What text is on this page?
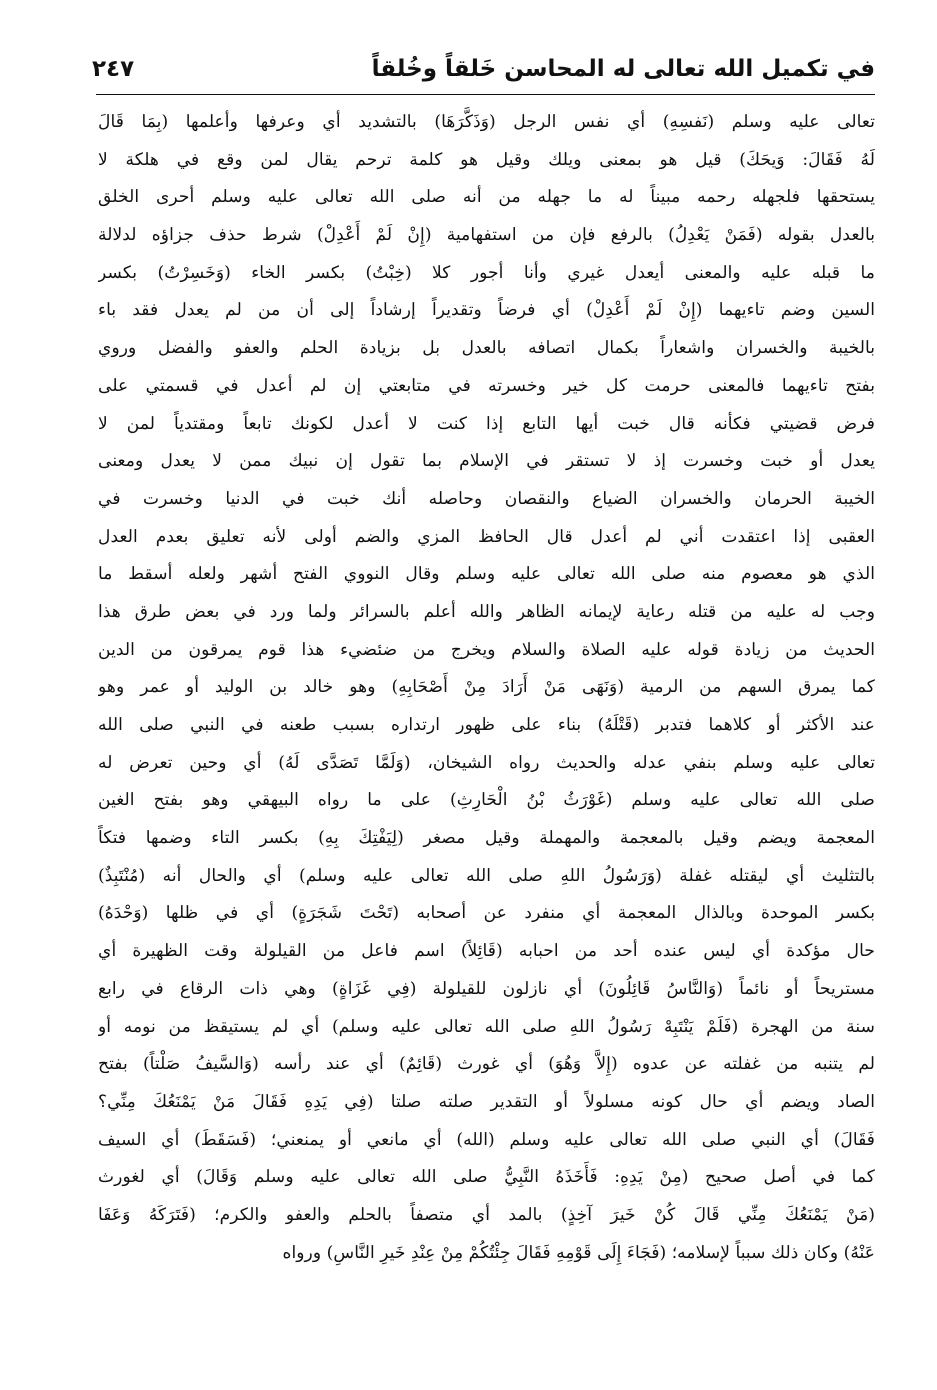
في تكميل الله تعالى له المحاسن خَلقاً وخُلقاً
٢٤٧
تعالى عليه وسلم (نَفسِهِ) أي نفس الرجل (وَذَكَّرَهَا) بالتشديد أي وعرفها وأعلمها (بِمَا قَالَ
لَهُ فَقَالَ: وَيحَكَ) قيل هو بمعنى ويلك وقيل هو كلمة ترحم يقال لمن وقع في هلكة لا
يستحقها فلجهله رحمه مبيناً له ما جهله من أنه صلى الله تعالى عليه وسلم أحرى الخلق
بالعدل بقوله (فَمَنْ يَعْدِلُ) بالرفع فإن من استفهامية (إِنْ لَمْ أَعْدِلْ) شرط حذف جزاؤه لدلالة
ما قبله عليه والمعنى أيعدل غيري وأنا أجور كلا (خِبْتُ) بكسر الخاء (وَخَسِرْتُ) بكسر
السين وضم تاءيهما (إِنْ لَمْ أَعْدِلْ) أي فرضاً وتقديراً إرشاداً إلى أن من لم يعدل فقد باء
بالخيبة والخسران واشعاراً بكمال اتصافه بالعدل بل بزيادة الحلم والعفو والفضل وروي
بفتح تاءيهما فالمعنى حرمت كل خير وخسرته في متابعتي إن لم أعدل في قسمتي على
فرض قضيتي فكأنه قال خبت أيها التابع إذا كنت لا أعدل لكونك تابعاً ومقتدياً لمن لا
يعدل أو خبت وخسرت إذ لا تستقر في الإسلام بما تقول إن نبيك ممن لا يعدل ومعنى
الخيبة الحرمان والخسران الضياع والنقصان وحاصله أنك خبت في الدنيا وخسرت في
العقبى إذا اعتقدت أني لم أعدل قال الحافظ المزي والضم أولى لأنه تعليق بعدم العدل
الذي هو معصوم منه صلى الله تعالى عليه وسلم وقال النووي الفتح أشهر ولعله أسقط ما
وجب له عليه من قتله رعاية لإيمانه الظاهر والله أعلم بالسرائر ولما ورد في بعض طرق هذا
الحديث من زيادة قوله عليه الصلاة والسلام ويخرج من ضئضيء هذا قوم يمرقون من الدين
كما يمرق السهم من الرمية (وَنَهَى مَنْ أَرَادَ مِنْ أَصْحَابِهِ) وهو خالد بن الوليد أو عمر وهو
عند الأكثر أو كلاهما فتدبر (قَتْلَهُ) بناء على ظهور ارتداره بسبب طعنه في النبي صلى الله
تعالى عليه وسلم بنفي عدله والحديث رواه الشيخان، (وَلَمَّا تَصَدَّى لَهُ) أي وحين تعرض له
صلى الله تعالى عليه وسلم (غَوْرَثُ بْنُ الْحَارِثِ) على ما رواه البيهقي وهو بفتح الغين
المعجمة ويضم وقيل بالمعجمة والمهملة وقيل مصغر (لِيَفْتِكَ بِهِ) بكسر التاء وضمها فتكاً
بالتثليث أي ليقتله غفلة (وَرَسُولُ اللهِ صلى الله تعالى عليه وسلم) أي والحال أنه (مُنْتَبِذٌ)
بكسر الموحدة وبالذال المعجمة أي منفرد عن أصحابه (تَحْتَ شَجَرَةٍ) أي في ظلها (وَحْدَهُ)
حال مؤكدة أي ليس عنده أحد من احبابه (قَائِلاً) اسم فاعل من القيلولة وقت الظهيرة أي
مستريحاً أو نائماً (وَالنَّاسُ قَائِلُونَ) أي نازلون للقيلولة (فِي غَزَاةٍ) وهي ذات الرقاع في رابع
سنة من الهجرة (فَلَمْ يَنْتَبِهْ رَسُولُ اللهِ صلى الله تعالى عليه وسلم) أي لم يستيقظ من نومه أو
لم يتنبه من غفلته عن عدوه (إِلاَّ وَهُوَ) أي غورث (قَائِمٌ) أي عند رأسه (وَالسَّيفُ صَلْتاً) بفتح
الصاد ويضم أي حال كونه مسلولاً أو التقدير صلته صلتا (فِي يَدِهِ فَقَالَ مَنْ يَمْنَعُكَ مِنِّي؟
فَقَالَ) أي النبي صلى الله تعالى عليه وسلم (الله) أي مانعي أو يمنعني؛ (فَسَقَطَ) أي السيف
كما في أصل صحيح (مِنْ يَدِهِ: فَأَخَذَهُ النَّبِيُّ صلى الله تعالى عليه وسلم وَقَالَ) أي لغورث
(مَنْ يَمْنَعُكَ مِنِّي قَالَ كُنْ خَيرَ آخِذٍ) بالمد أي متصفاً بالحلم والعفو والكرم؛ (فَتَرَكَهُ وَعَفَا
عَنْهُ) وكان ذلك سبباً لإسلامه؛ (فَجَاءَ إِلَى قَوْمِهِ فَقَالَ جِئْتُكُمْ مِنْ عِنْدِ خَيرِ النَّاسِ) ورواه
